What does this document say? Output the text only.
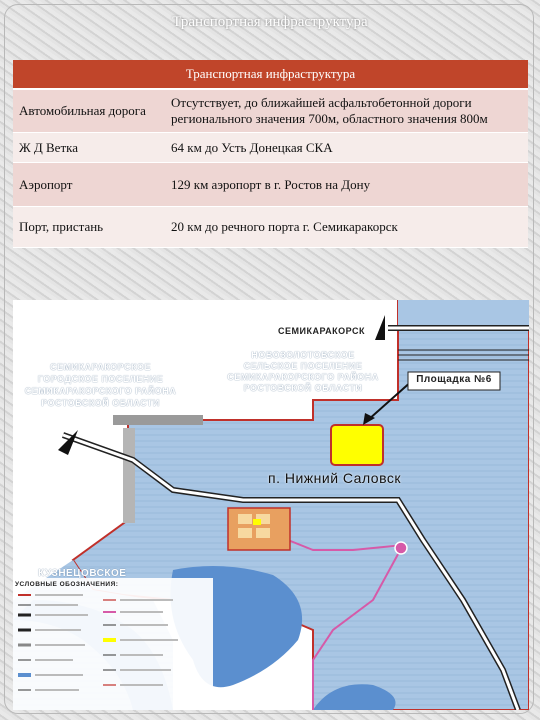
Транспортная инфраструктура
Транспортная инфраструктура	
Автомобильная дорога	Отсутствует, до ближайшей асфальтобетонной дороги регионального значения 700м, областного значения 800м
Ж Д Ветка	64 км до Усть Донецкая СКА
Аэропорт	129 км аэропорт в г. Ростов на Дону
Порт, пристань	20 км до речного порта г. Семикаракорск
СЕМИКАРАКОРСК
НОВОЗОЛОТОВСКОЕ
СЕЛЬСКОЕ ПОСЕЛЕНИЕ
СЕМИКАРАКОРСКОГО РАЙОНА
РОСТОВСКОЙ ОБЛАСТИ
СЕМИКАРАКОРСКОЕ
ГОРОДСКОЕ ПОСЕЛЕНИЕ
СЕМИКАРАКОРСКОГО РАЙОНА
РОСТОВСКОЙ ОБЛАСТИ
КУЗНЕЦОВСКОЕ
Площадка №6
п. Нижний Саловск
УСЛОВНЫЕ ОБОЗНАЧЕНИЯ:
